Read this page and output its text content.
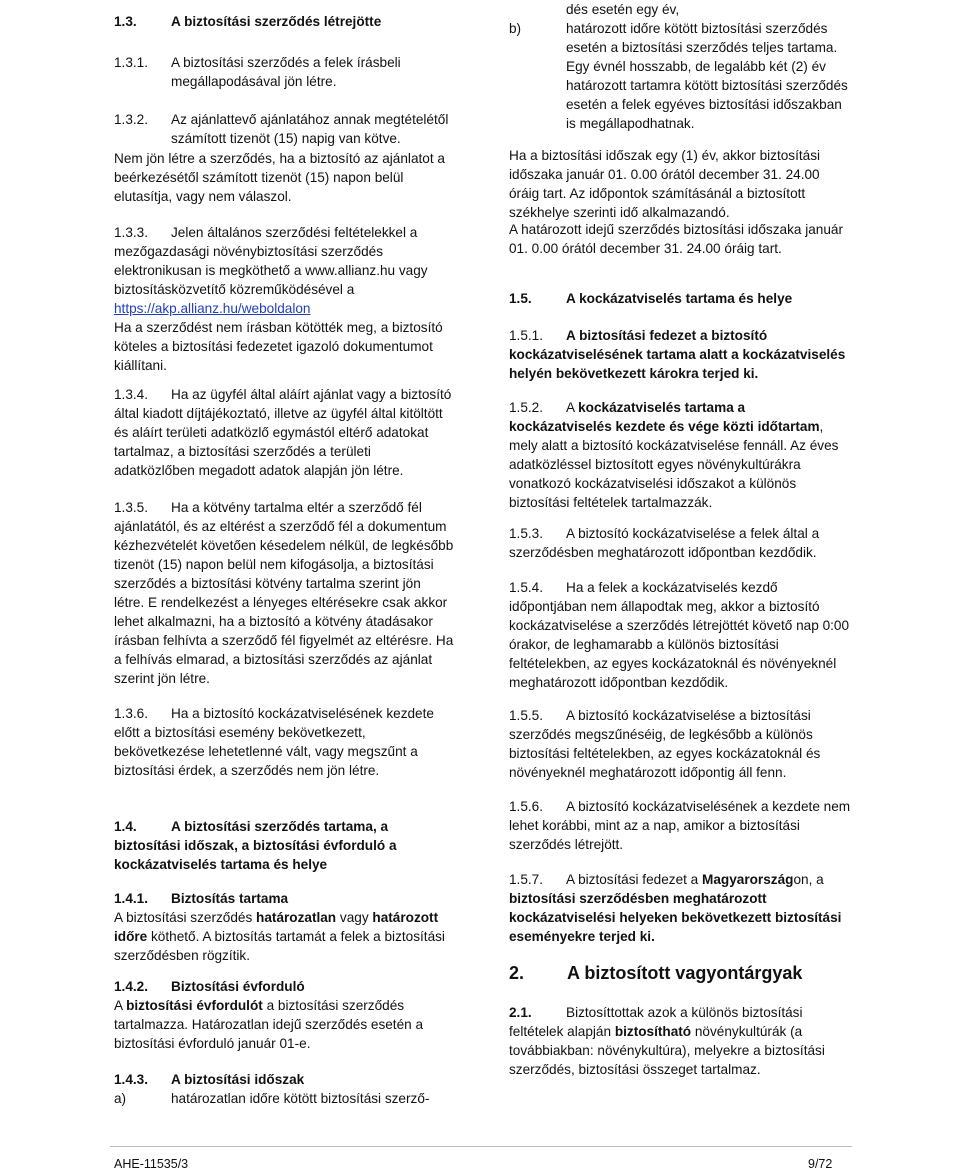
1.3.	A biztosítási szerződés létrejötte
1.3.1. A biztosítási szerződés a felek írásbeli megállapodásával jön létre.

1.3.2. Az ajánlattevő ajánlatához annak megtételétől számított tizenöt (15) napig van kötve.

Nem jön létre a szerződés, ha a biztosító az ajánlatot a beérkezésétől számított tizenöt (15) napon belül elutasítja, vagy nem válaszol.

1.3.3. Jelen általános szerződési feltételekkel a mezőgazdasági növénybiztosítási szerződés elektronikusan is megköthető a www.allianz.hu vagy biztosításközvetítő közreműködésével a https://akp.allianz.hu/weboldalon

Ha a szerződést nem írásban kötötték meg, a biztosító köteles a biztosítási fedezetet igazoló dokumentumot kiállítani.

1.3.4. Ha az ügyfél által aláírt ajánlat vagy a biztosító által kiadott díjtájékoztató, illetve az ügyfél által kitöltött és aláírt területi adatközlő egymástól eltérő adatokat tartalmaz, a biztosítási szerződés a területi adatközlőben megadott adatok alapján jön létre.

1.3.5. Ha a kötvény tartalma eltér a szerződő fél ajánlatától, és az eltérést a szerződő fél a dokumentum kézhezvételét követően késedelem nélkül, de legkésőbb tizenöt (15) napon belül nem kifogásolja, a biztosítási szerződés a biztosítási kötvény tartalma szerint jön létre. E rendelkezést a lényeges eltérésekre csak akkor lehet alkalmazni, ha a biztosító a kötvény átadásakor írásban felhívta a szerződő fél figyelmét az eltérésre. Ha a felhívás elmarad, a biztosítási szerződés az ajánlat szerint jön létre.

1.3.6. Ha a biztosító kockázatviselésének kezdete előtt a biztosítási esemény bekövetkezett, bekövetkezése lehetetlenné vált, vagy megszűnt a biztosítási érdek, a szerződés nem jön létre.

1.4.	A biztosítási szerződés tartama, a biztosítási időszak, a biztosítási évforduló a kockázatviselés tartama és helye

1.4.1. Biztosítás tartama

A biztosítási szerződés határozatlan vagy határozott időre köthető. A biztosítás tartamát a felek a biztosítási szerződésben rögzítik.

1.4.2. Biztosítási évforduló

A biztosítási évfordulót a biztosítási szerződés tartalmazza. Határozatlan idejű szerződés esetén a biztosítási évforduló január 01-e.

1.4.3. A biztosítási időszak

a)	határozatlan időre kötött biztosítási szerző-

dés esetén egy év,

b)	határozott időre kötött biztosítási szerződés esetén a biztosítási szerződés teljes tartama. Egy évnél hosszabb, de legalább két (2) év határozott tartamra kötött biztosítási szerződés esetén a felek egyéves biztosítási időszakban is megállapodhatnak.

Ha a biztosítási időszak egy (1) év, akkor biztosítási időszaka január 01. 0.00 órától december 31. 24.00 óráig tart. Az időpontok számításánál a biztosított székhelye szerinti idő alkalmazandó.

A határozott idejű szerződés biztosítási időszaka január 01. 0.00 órától december 31. 24.00 óráig tart.

1.5.	A kockázatviselés tartama és helye

1.5.1. A biztosítási fedezet a biztosító kockázatviselésének tartama alatt a kockázatviselés helyén bekövetkezett károkra terjed ki.

1.5.2. A kockázatviselés tartama a kockázatviselés kezdete és vége közti időtartam, mely alatt a biztosító kockázatviselése fennáll. Az éves adatközléssel biztosított egyes növénykultúrákra vonatkozó kockázatviselési időszakot a különös biztosítási feltételek tartalmazzák.

1.5.3. A biztosító kockázatviselése a felek által a szerződésben meghatározott időpontban kezdődik.

1.5.4. Ha a felek a kockázatviselés kezdő időpontjában nem állapodtak meg, akkor a biztosító kockázatviselése a szerződés létrejöttét követő nap 0:00 órakor, de leghamarabb a különös biztosítási feltételekben, az egyes kockázatoknál és növényeknél meghatározott időpontban kezdődik.

1.5.5. A biztosító kockázatviselése a biztosítási szerződés megszűnéséig, de legkésőbb a különös biztosítási feltételekben, az egyes kockázatoknál és növényeknél meghatározott időpontig áll fenn.

1.5.6. A biztosító kockázatviselésének a kezdete nem lehet korábbi, mint az a nap, amikor a biztosítási szerződés létrejött.

1.5.7. A biztosítási fedezet a Magyarországon, a biztosítási szerződésben meghatározott kockázatviselési helyeken bekövetkezett biztosítási eseményekre terjed ki.

2. A biztosított vagyontárgyak

2.1.	Biztosíttottak azok a különös biztosítási feltételek alapján biztosítható növénykultúrák (a továbbiakban: növénykultúra), melyekre a biztosítási szerződés, biztosítási összeget tartalmaz.

AHE-11535/3	9/72
